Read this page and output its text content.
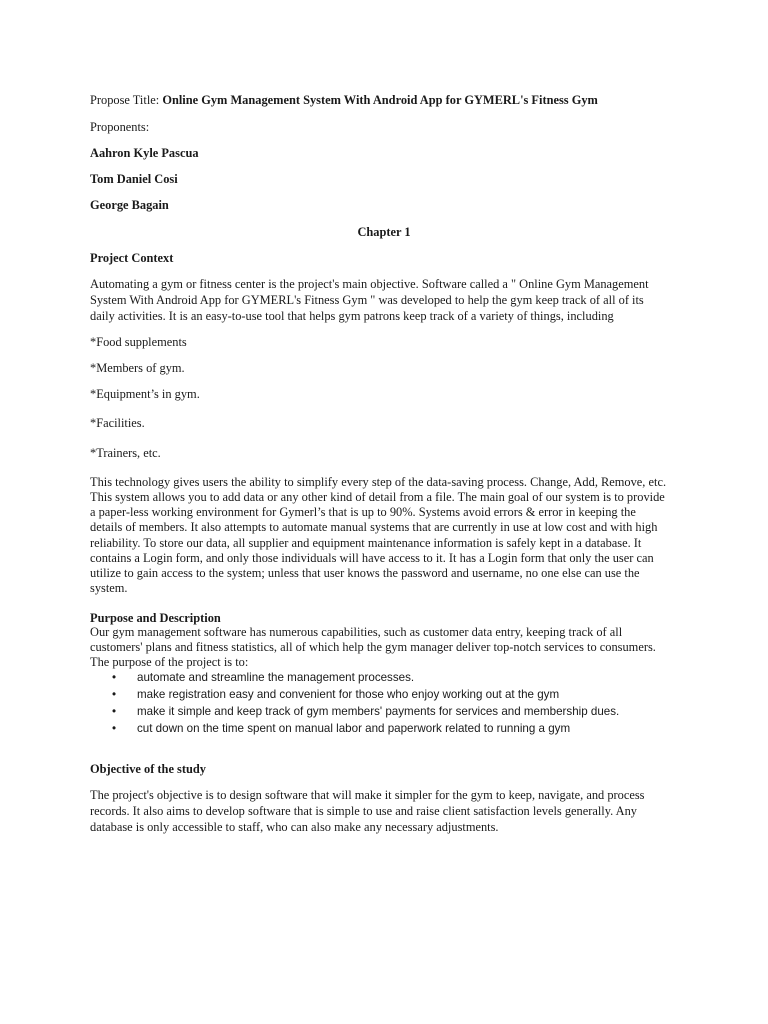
Propose Title: Online Gym Management System With Android App for GYMERL's Fitness Gym
Proponents:
Aahron Kyle Pascua
Tom Daniel Cosi
George Bagain
Chapter 1
Project Context
Automating a gym or fitness center is the project's main objective. Software called a " Online Gym Management
System With Android App for GYMERL's Fitness Gym " was developed to help the gym keep track of all of its
daily activities. It is an easy-to-use tool that helps gym patrons keep track of a variety of things, including
*Food supplements
*Members of gym.
*Equipment’s in gym.
*Facilities.
*Trainers, etc.
This technology gives users the ability to simplify every step of the data-saving process. Change, Add, Remove, etc.
This system allows you to add data or any other kind of detail from a file. The main goal of our system is to provide
a paper-less working environment for Gymerl’s that is up to 90%. Systems avoid errors & error in keeping the
details of members. It also attempts to automate manual systems that are currently in use at low cost and with high
reliability. To store our data, all supplier and equipment maintenance information is safely kept in a database. It
contains a Login form, and only those individuals will have access to it. It has a Login form that only the user can
utilize to gain access to the system; unless that user knows the password and username, no one else can use the
system.
Purpose and Description
Our gym management software has numerous capabilities, such as customer data entry, keeping track of all
customers' plans and fitness statistics, all of which help the gym manager deliver top-notch services to consumers.
The purpose of the project is to:
• automate and streamline the management processes.
• make registration easy and convenient for those who enjoy working out at the gym
• make it simple and keep track of gym members' payments for services and membership dues.
• cut down on the time spent on manual labor and paperwork related to running a gym
Objective of the study
The project's objective is to design software that will make it simpler for the gym to keep, navigate, and process
records. It also aims to develop software that is simple to use and raise client satisfaction levels generally. Any
database is only accessible to staff, who can also make any necessary adjustments.
